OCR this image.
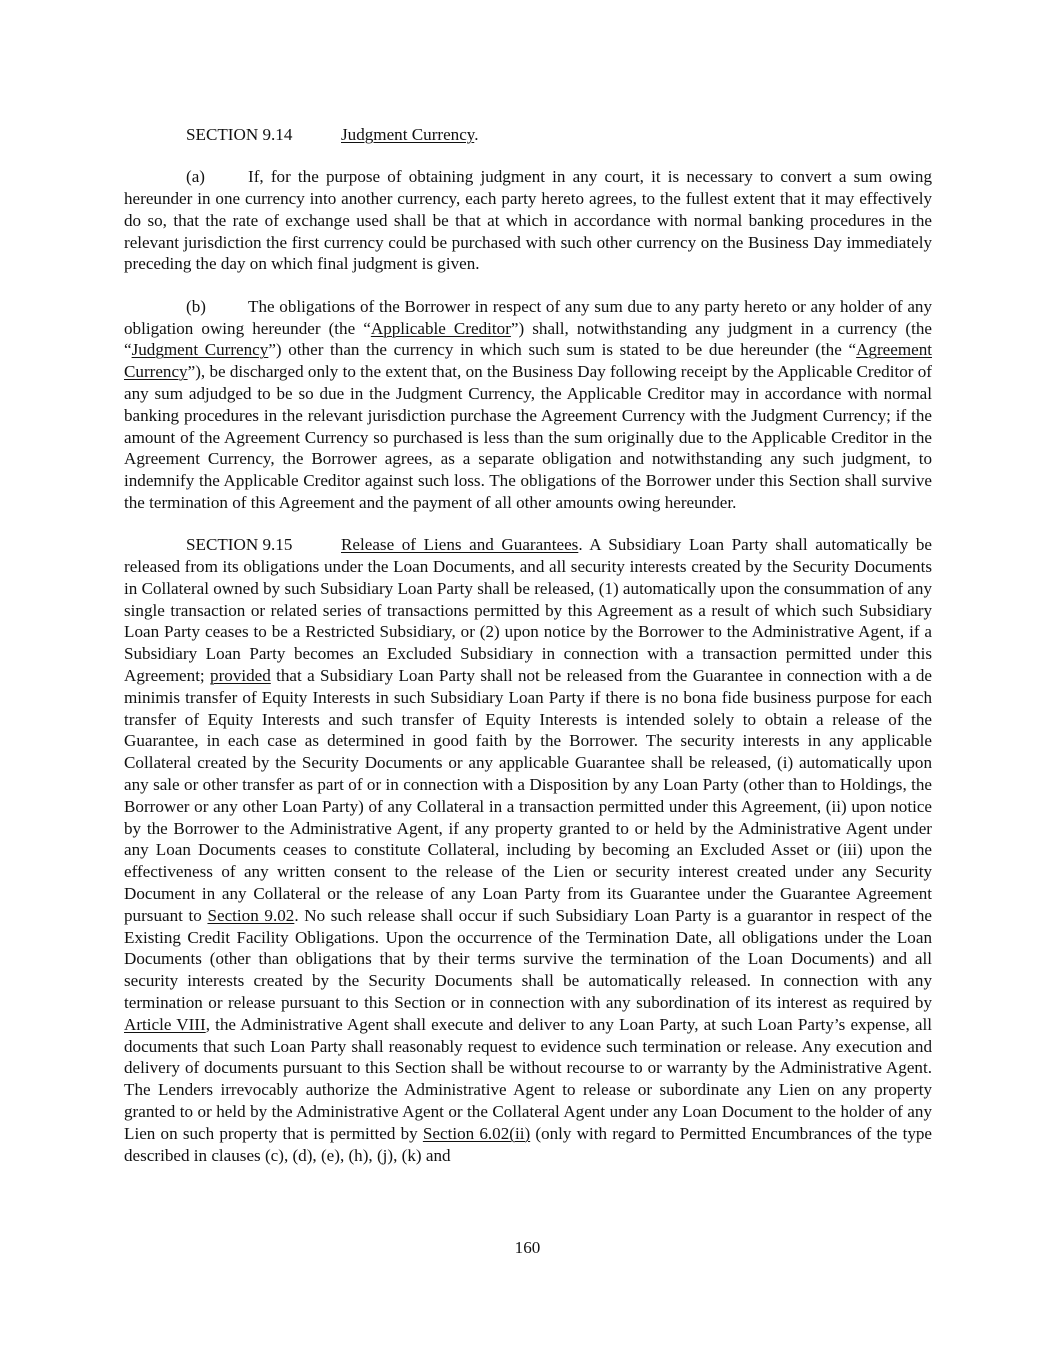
SECTION 9.14	Judgment Currency.

(a)	If, for the purpose of obtaining judgment in any court, it is necessary to convert a sum owing hereunder in one currency into another currency, each party hereto agrees, to the fullest extent that it may effectively do so, that the rate of exchange used shall be that at which in accordance with normal banking procedures in the relevant jurisdiction the first currency could be purchased with such other currency on the Business Day immediately preceding the day on which final judgment is given.

(b) The obligations of the Borrower in respect of any sum due to any party hereto or any holder of any obligation owing hereunder (the “Applicable Creditor”) shall, notwithstanding any judgment in a currency (the “Judgment Currency”) other than the currency in which such sum is stated to be due hereunder (the “Agreement Currency”), be discharged only to the extent that, on the Business Day following receipt by the Applicable Creditor of any sum adjudged to be so due in the Judgment Currency, the Applicable Creditor may in accordance with normal banking procedures in the relevant jurisdiction purchase the Agreement Currency with the Judgment Currency; if the amount of the Agreement Currency so purchased is less than the sum originally due to the Applicable Creditor in the Agreement Currency, the Borrower agrees, as a separate obligation and notwithstanding any such judgment, to indemnify the Applicable Creditor against such loss. The obligations of the Borrower under this Section shall survive the termination of this Agreement and the payment of all other amounts owing hereunder.

SECTION 9.15	Release of Liens and Guarantees. A Subsidiary Loan Party shall automatically be released from its obligations under the Loan Documents, and all security interests created by the Security Documents in Collateral owned by such Subsidiary Loan Party shall be released, (1) automatically upon the consummation of any single transaction or related series of transactions permitted by this Agreement as a result of which such Subsidiary Loan Party ceases to be a Restricted Subsidiary, or (2) upon notice by the Borrower to the Administrative Agent, if a Subsidiary Loan Party becomes an Excluded Subsidiary in connection with a transaction permitted under this Agreement; provided that a Subsidiary Loan Party shall not be released from the Guarantee in connection with a de minimis transfer of Equity Interests in such Subsidiary Loan Party if there is no bona fide business purpose for each transfer of Equity Interests and such transfer of Equity Interests is intended solely to obtain a release of the Guarantee, in each case as determined in good faith by the Borrower. The security interests in any applicable Collateral created by the Security Documents or any applicable Guarantee shall be released, (i) automatically upon any sale or other transfer as part of or in connection with a Disposition by any Loan Party (other than to Holdings, the Borrower or any other Loan Party) of any Collateral in a transaction permitted under this Agreement, (ii) upon notice by the Borrower to the Administrative Agent, if any property granted to or held by the Administrative Agent under any Loan Documents ceases to constitute Collateral, including by becoming an Excluded Asset or (iii) upon the effectiveness of any written consent to the release of the Lien or security interest created under any Security Document in any Collateral or the release of any Loan Party from its Guarantee under the Guarantee Agreement pursuant to Section 9.02. No such release shall occur if such Subsidiary Loan Party is a guarantor in respect of the Existing Credit Facility Obligations. Upon the occurrence of the Termination Date, all obligations under the Loan Documents (other than obligations that by their terms survive the termination of the Loan Documents) and all security interests created by the Security Documents shall be automatically released. In connection with any termination or release pursuant to this Section or in connection with any subordination of its interest as required by Article VIII, the Administrative Agent shall execute and deliver to any Loan Party, at such Loan Party’s expense, all documents that such Loan Party shall reasonably request to evidence such termination or release. Any execution and delivery of documents pursuant to this Section shall be without recourse to or warranty by the Administrative Agent. The Lenders irrevocably authorize the Administrative Agent to release or subordinate any Lien on any property granted to or held by the Administrative Agent or the Collateral Agent under any Loan Document to the holder of any Lien on such property that is permitted by Section 6.02(ii) (only with regard to Permitted Encumbrances of the type described in clauses (c), (d), (e), (h), (j), (k) and

160
